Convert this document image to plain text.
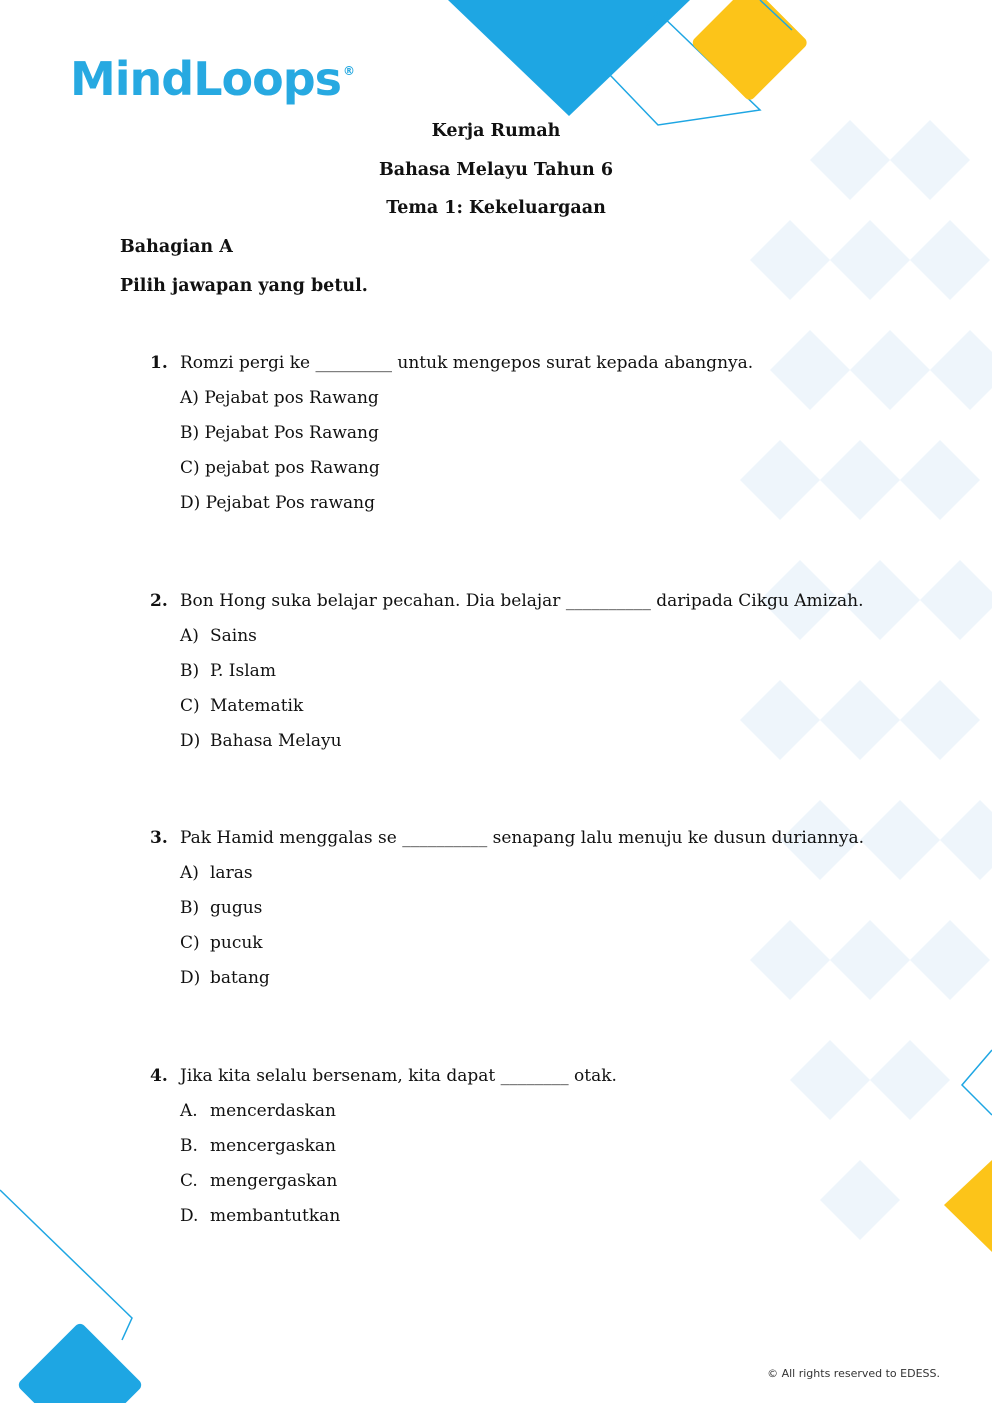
MindLoops ®
Kerja Rumah
Bahasa Melayu Tahun 6
Tema 1: Kekeluargaan
Bahagian A
Pilih jawapan yang betul.
1. Romzi pergi ke _________ untuk mengepos surat kepada abangnya.
A) Pejabat pos Rawang
B) Pejabat Pos Rawang
C) pejabat pos Rawang
D) Pejabat Pos rawang
2. Bon Hong suka belajar pecahan. Dia belajar __________ daripada Cikgu Amizah.
A) Sains
B) P. Islam
C) Matematik
D) Bahasa Melayu
3. Pak Hamid menggalas se __________ senapang lalu menuju ke dusun duriannya.
A) laras
B) gugus
C) pucuk
D) batang
4. Jika kita selalu bersenam, kita dapat ________ otak.
A. mencerdaskan
B. mencergaskan
C. mengergaskan
D. membantutkan
© All rights reserved to EDESS.
